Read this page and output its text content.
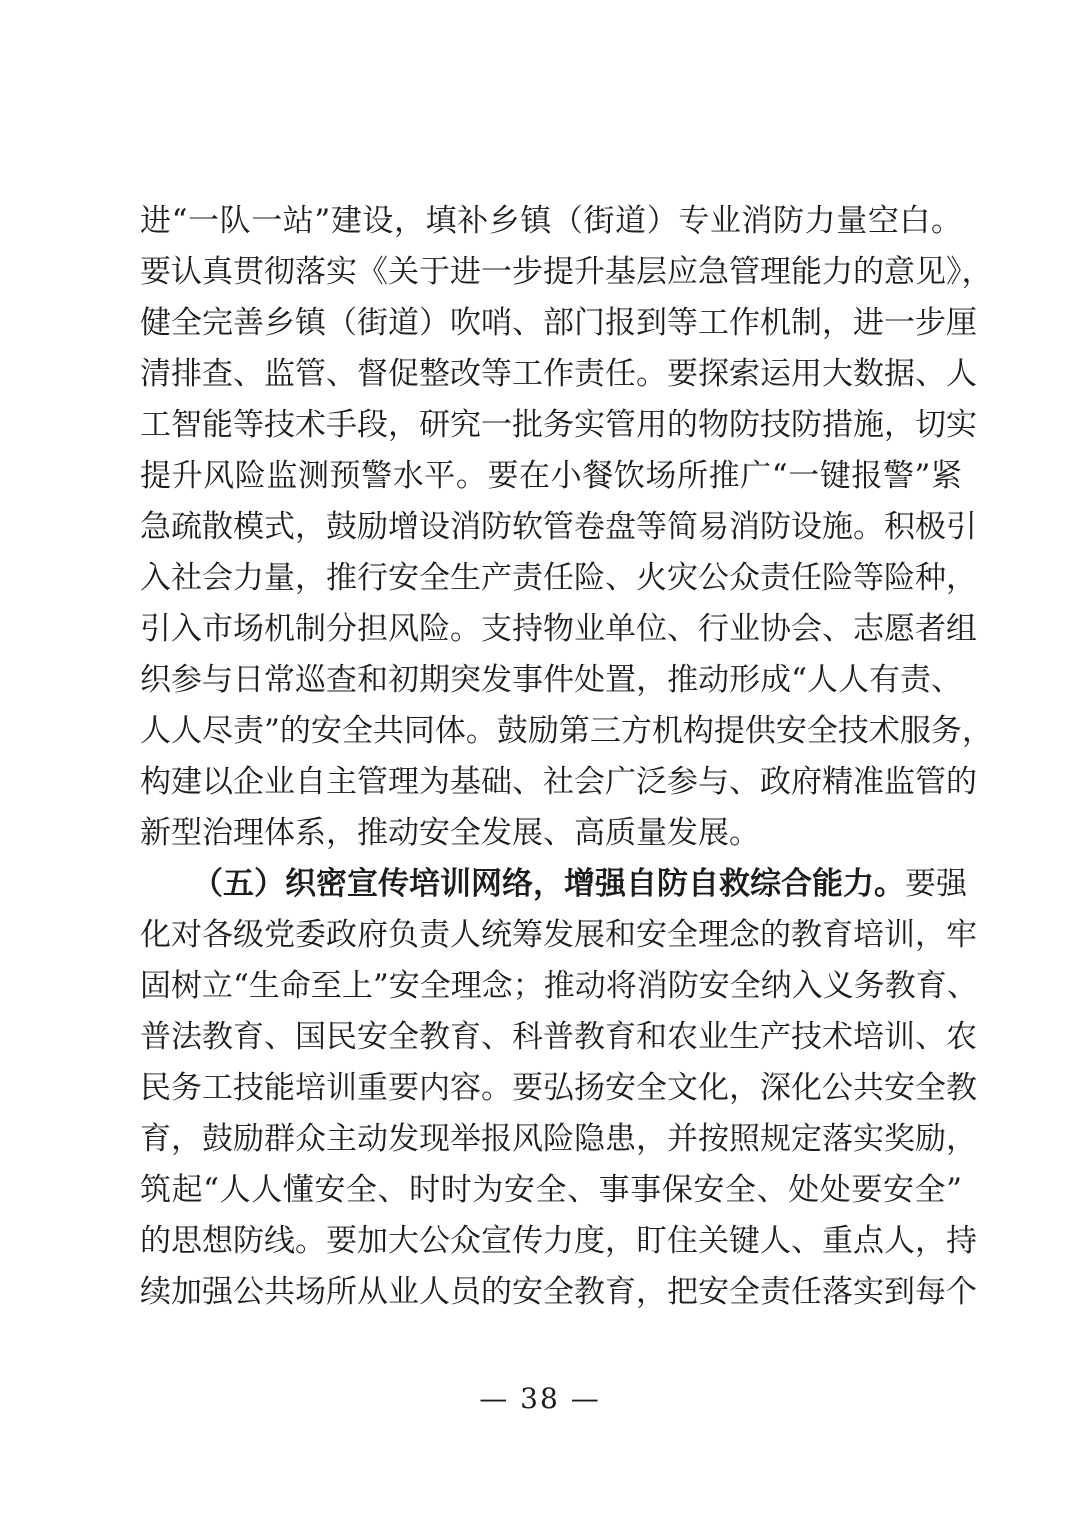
进“一队一站”建设，填补乡镇（街道）专业消防力量空白。
要认真贯彻落实《关于进一步提升基层应急管理能力的意见》，
健全完善乡镇（街道）吹哨、部门报到等工作机制，进一步厘
清排查、监管、督促整改等工作责任。要探索运用大数据、人
工智能等技术手段，研究一批务实管用的物防技防措施，切实
提升风险监测预警水平。要在小餐饮场所推广“一键报警”紧
急疏散模式，鼓励增设消防软管卷盘等简易消防设施。积极引
入社会力量，推行安全生产责任险、火灾公众责任险等险种，
引入市场机制分担风险。支持物业单位、行业协会、志愿者组
织参与日常巡查和初期突发事件处置，推动形成“人人有责、
人人尽责”的安全共同体。鼓励第三方机构提供安全技术服务，
构建以企业自主管理为基础、社会广泛参与、政府精准监管的
新型治理体系，推动安全发展、高质量发展。
（五）织密宣传培训网络，增强自防自救综合能力。要强
化对各级党委政府负责人统筹发展和安全理念的教育培训，牢
固树立“生命至上”安全理念；推动将消防安全纳入义务教育、
普法教育、国民安全教育、科普教育和农业生产技术培训、农
民务工技能培训重要内容。要弘扬安全文化，深化公共安全教
育，鼓励群众主动发现举报风险隐患，并按照规定落实奖励，
筑起“人人懂安全、时时为安全、事事保安全、处处要安全”
的思想防线。要加大公众宣传力度，盯住关键人、重点人，持
续加强公共场所从业人员的安全教育，把安全责任落实到每个
— 38 —
